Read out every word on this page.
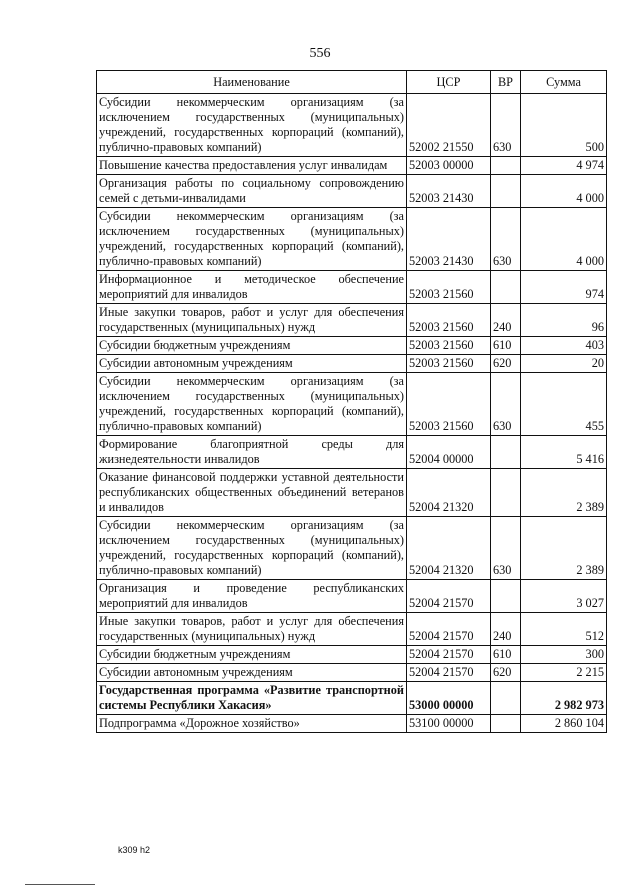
556
Наименование	ЦСР	ВР	Сумма
Субсидии некоммерческим организациям (за исключением государственных (муниципальных) учреждений, государственных корпораций (компаний), публично-правовых компаний)	52002 21550	630	500
Повышение качества предоставления услуг инвалидам	52003 00000		4 974
Организация работы по социальному сопровождению семей с детьми-инвалидами	52003 21430		4 000
Субсидии некоммерческим организациям (за исключением государственных (муниципальных) учреждений, государственных корпораций (компаний), публично-правовых компаний)	52003 21430	630	4 000
Информационное и методическое обеспечение мероприятий для инвалидов	52003 21560		974
Иные закупки товаров, работ и услуг для обеспечения государственных (муниципальных) нужд	52003 21560	240	96
Субсидии бюджетным учреждениям	52003 21560	610	403
Субсидии автономным учреждениям	52003 21560	620	20
Субсидии некоммерческим организациям (за исключением государственных (муниципальных) учреждений, государственных корпораций (компаний), публично-правовых компаний)	52003 21560	630	455
Формирование благоприятной среды для жизнедеятельности инвалидов	52004 00000		5 416
Оказание финансовой поддержки уставной деятельности республиканских общественных объединений ветеранов и инвалидов	52004 21320		2 389
Субсидии некоммерческим организациям (за исключением государственных (муниципальных) учреждений, государственных корпораций (компаний), публично-правовых компаний)	52004 21320	630	2 389
Организация и проведение республиканских мероприятий для инвалидов	52004 21570		3 027
Иные закупки товаров, работ и услуг для обеспечения государственных (муниципальных) нужд	52004 21570	240	512
Субсидии бюджетным учреждениям	52004 21570	610	300
Субсидии автономным учреждениям	52004 21570	620	2 215
Государственная программа «Развитие транспортной системы Республики Хакасия»	53000 00000		2 982 973
Подпрограмма «Дорожное хозяйство»	53100 00000		2 860 104
k309 h2
